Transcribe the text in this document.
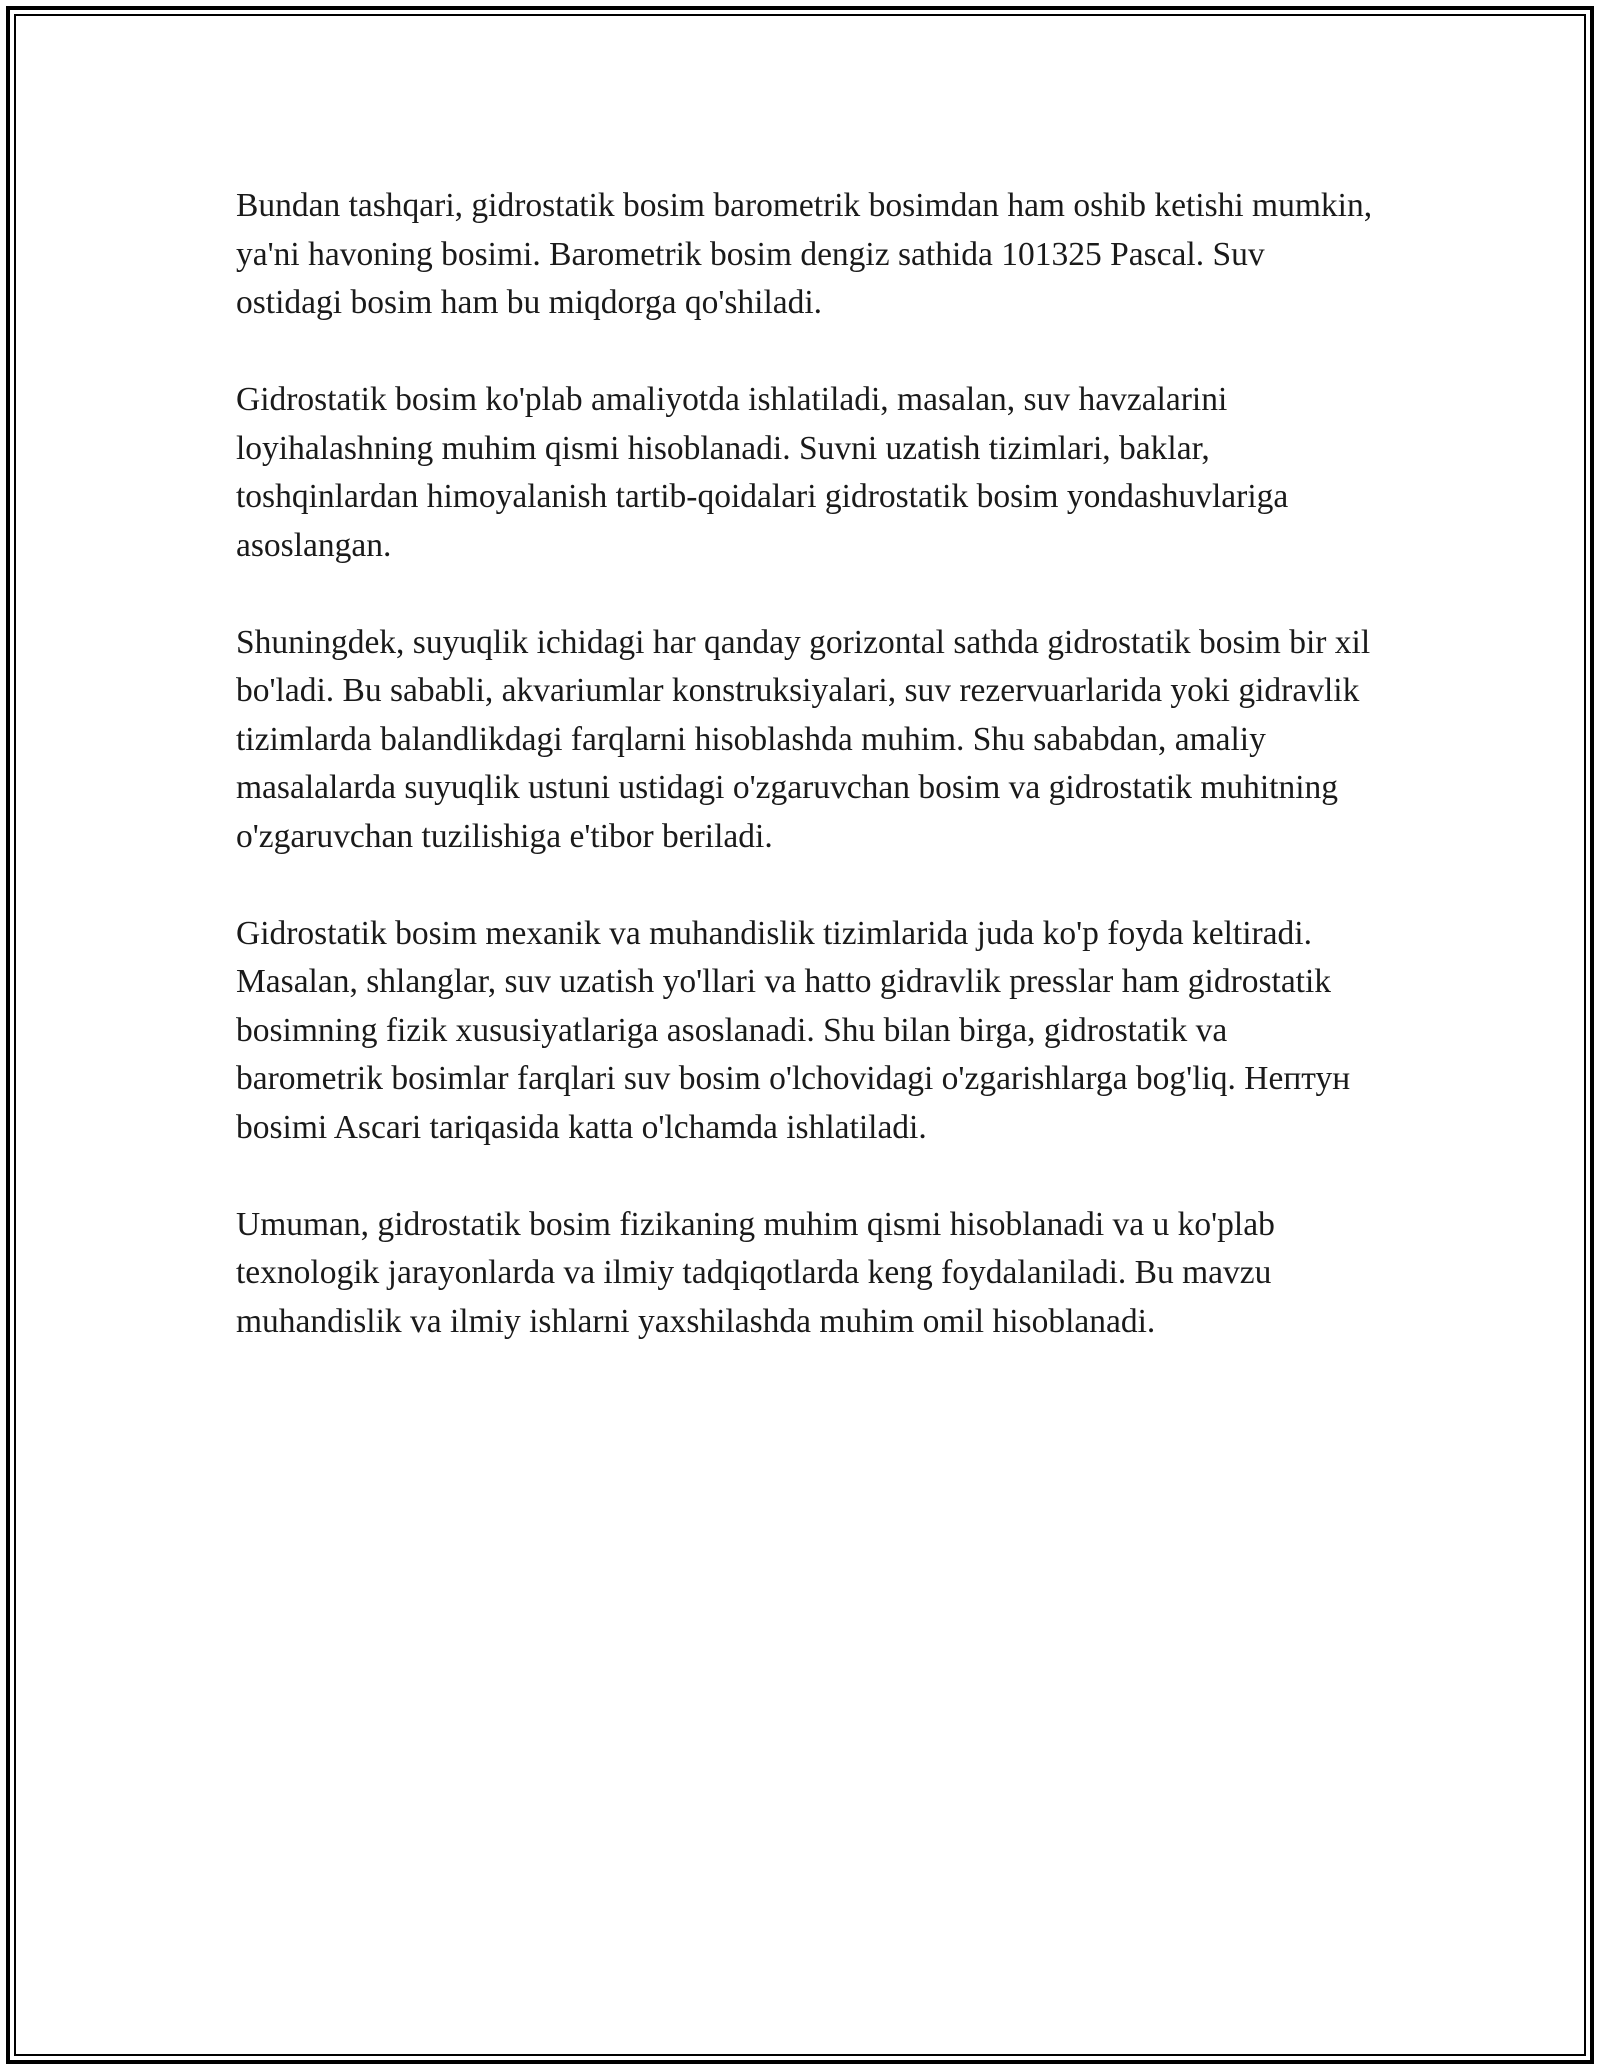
Bundan tashqari, gidrostatik bosim barometrik bosimdan ham oshib ketishi mumkin, ya'ni havoning bosimi. Barometrik bosim dengiz sathida 101325 Pascal. Suv ostidagi bosim ham bu miqdorga qo'shiladi.

Gidrostatik bosim ko'plab amaliyotda ishlatiladi, masalan, suv havzalarini loyihalashning muhim qismi hisoblanadi. Suvni uzatish tizimlari, baklar, toshqinlardan himoyalanish tartib-qoidalari gidrostatik bosim yondashuvlariga asoslangan.

Shuningdek, suyuqlik ichidagi har qanday gorizontal sathda gidrostatik bosim bir xil bo'ladi. Bu sababli, akvariumlar konstruksiyalari, suv rezervuarlarida yoki gidravlik tizimlarda balandlikdagi farqlarni hisoblashda muhim. Shu sababdan, amaliy masalalarda suyuqlik ustuni ustidagi o'zgaruvchan bosim va gidrostatik muhitning o'zgaruvchan tuzilishiga e'tibor beriladi.

Gidrostatik bosim mexanik va muhandislik tizimlarida juda ko'p foyda keltiradi. Masalan, shlanglar, suv uzatish yo'llari va hatto gidravlik presslar ham gidrostatik bosimning fizik xususiyatlariga asoslanadi. Shu bilan birga, gidrostatik va barometrik bosimlar farqlari suv bosim o'lchovidagi o'zgarishlarga bog'liq. Нептун bosimi Ascari tariqasida katta o'lchamda ishlatiladi.

Umuman, gidrostatik bosim fizikaning muhim qismi hisoblanadi va u ko'plab texnologik jarayonlarda va ilmiy tadqiqotlarda keng foydalaniladi. Bu mavzu muhandislik va ilmiy ishlarni yaxshilashda muhim omil hisoblanadi.
